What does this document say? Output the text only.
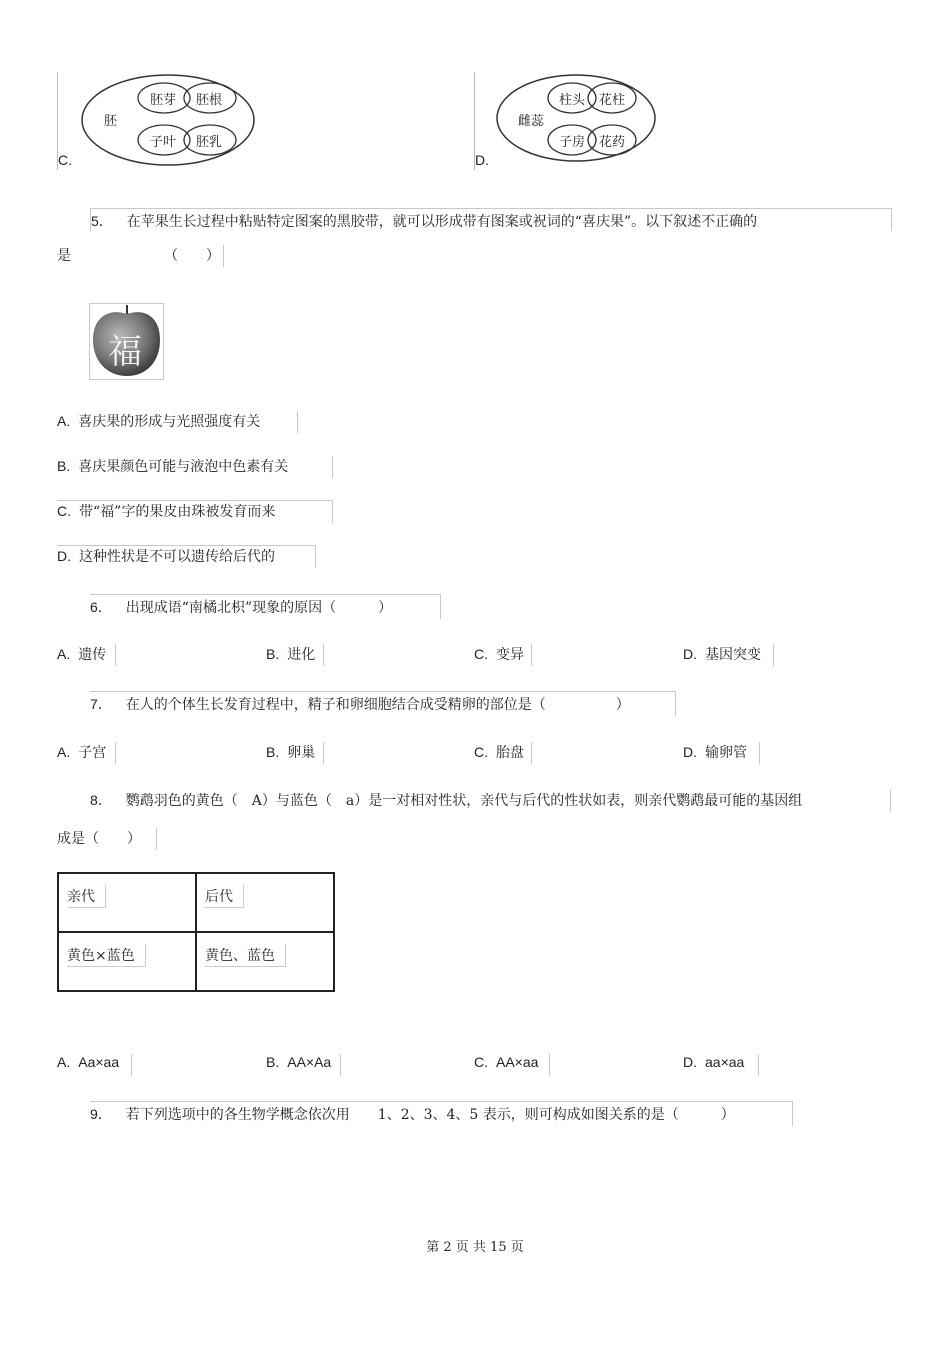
胚
胚芽 胚根
子叶 胚乳
C.
雌蕊
柱头 花柱
子房 花药
D.
5． 在苹果生长过程中粘贴特定图案的黑胶带，就可以形成带有图案或祝词的“喜庆果”。以下叙述不正确的
是	（　　）
福
A. 喜庆果的形成与光照强度有关
B. 喜庆果颜色可能与液泡中色素有关
C. 带“福”字的果皮由珠被发育而来
D. 这种性状是不可以遗传给后代的
6． 出现成语“南橘北枳”现象的原因（　　　）
A. 遗传	B. 进化	C. 变异	D. 基因突变
7． 在人的个体生长发育过程中，精子和卵细胞结合成受精卵的部位是（　　　　　）
A. 子宫	B. 卵巢	C. 胎盘	D. 输卵管
8． 鹦鹉羽色的黄色（　A）与蓝色（　a）是一对相对性状，亲代与后代的性状如表，则亲代鹦鹉最可能的基因组
成是（　　）
亲代	后代
黄色×蓝色	黄色、蓝色
A. Aa×aa	B. AA×Aa	C. AA×aa	D. aa×aa
9． 若下列选项中的各生物学概念依次用　　1、2、3、4、5 表示，则可构成如图关系的是（　　　）
第 2 页 共 15 页
